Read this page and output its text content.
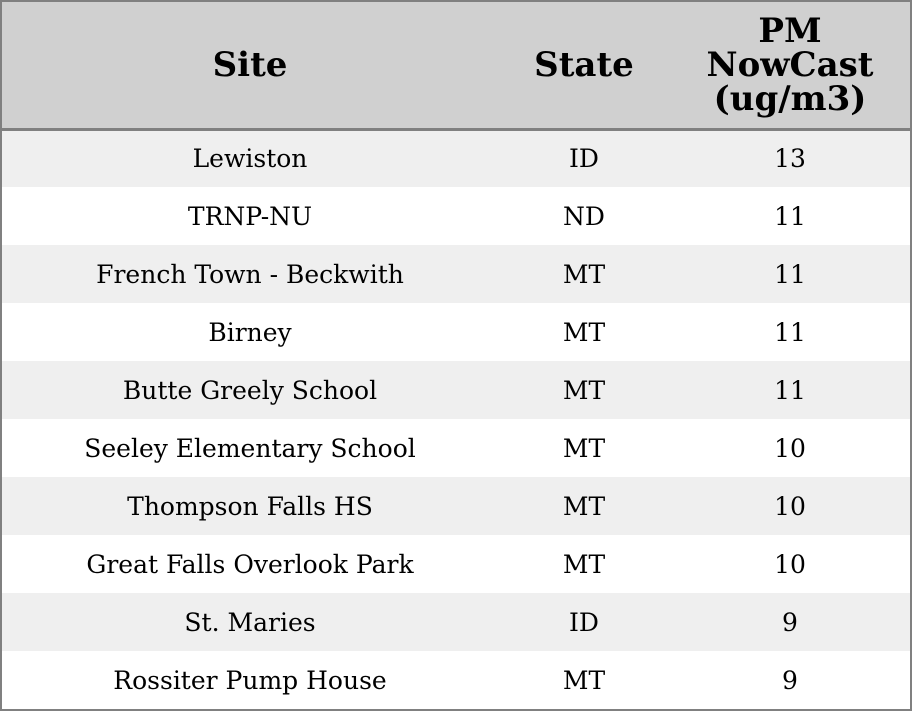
Site	State	PM
NowCast
(ug/m3)

Lewiston	ID	13
TRNP-NU	ND	11
French Town - Beckwith	MT	11
Birney	MT	11
Butte Greely School	MT	11
Seeley Elementary School	MT	10
Thompson Falls HS	MT	10
Great Falls Overlook Park	MT	10
St. Maries	ID	9
Rossiter Pump House	MT	9
